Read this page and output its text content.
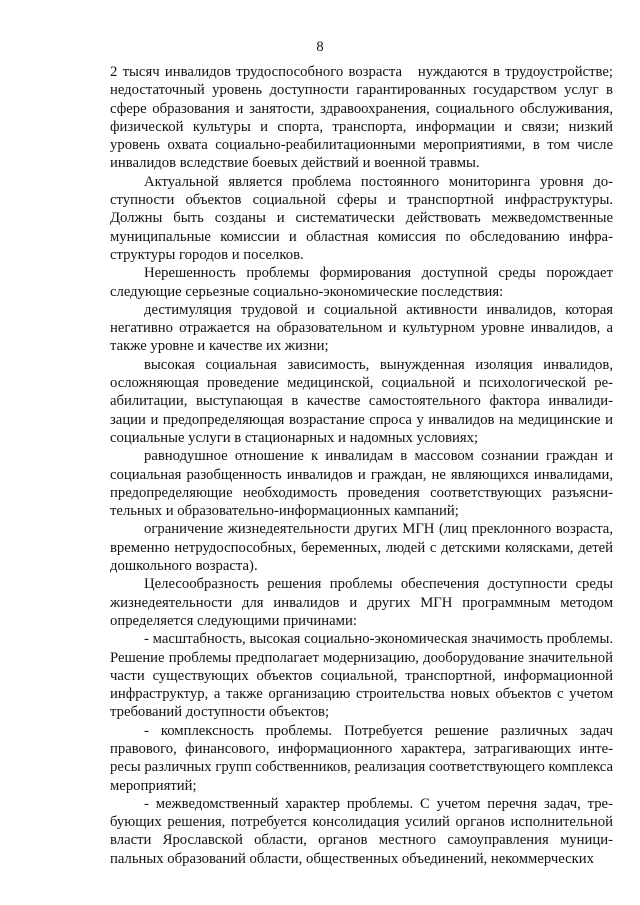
8

2 тысяч инвалидов трудоспособного возраста   нуждаются в трудоустройстве; недостаточный уровень доступности гарантированных государством услуг в сфере образования и занятости, здравоохранения, социального обслуживания, физической культуры и спорта, транспорта, информации и связи; низкий уровень охвата социально-реабилитационными мероприятиями, в том числе инвалидов вследствие боевых действий и военной травмы.

Актуальной является проблема постоянного мониторинга уровня доступности объектов социальной сферы и транспортной инфраструктуры. Должны быть созданы и систематически действовать межведомственные муниципальные комиссии и областная комиссия по обследованию инфраструктуры городов и поселков.

Нерешенность проблемы формирования доступной среды порождает следующие серьезные социально-экономические последствия:

дестимуляция трудовой и социальной активности инвалидов, которая негативно отражается на образовательном и культурном уровне инвалидов, а также уровне и качестве их жизни;

высокая социальная зависимость, вынужденная изоляция инвалидов, осложняющая проведение медицинской, социальной и психологической реабилитации, выступающая в качестве самостоятельного фактора инвалидизации и предопределяющая возрастание спроса у инвалидов на медицинские и социальные услуги в стационарных и надомных условиях;

равнодушное отношение к инвалидам в массовом сознании граждан и социальная разобщенность инвалидов и граждан, не являющихся инвалидами, предопределяющие необходимость проведения соответствующих разъяснительных и образовательно-информационных кампаний;

ограничение жизнедеятельности других МГН (лиц преклонного возраста, временно нетрудоспособных, беременных, людей с детскими колясками, детей дошкольного возраста).

Целесообразность решения проблемы обеспечения доступности среды жизнедеятельности для инвалидов и других МГН программным методом определяется следующими причинами:

- масштабность, высокая социально-экономическая значимость проблемы. Решение проблемы предполагает модернизацию, дооборудование значительной части существующих объектов социальной, транспортной, информационной инфраструктур, а также организацию строительства новых объектов с учетом требований доступности объектов;

- комплексность проблемы. Потребуется решение различных задач правового, финансового, информационного характера, затрагивающих интересы различных групп собственников, реализация соответствующего комплекса мероприятий;

- межведомственный характер проблемы. С учетом перечня задач, требующих решения, потребуется консолидация усилий органов исполнительной власти Ярославской области, органов местного самоуправления муниципальных образований области, общественных объединений, некоммерческих
